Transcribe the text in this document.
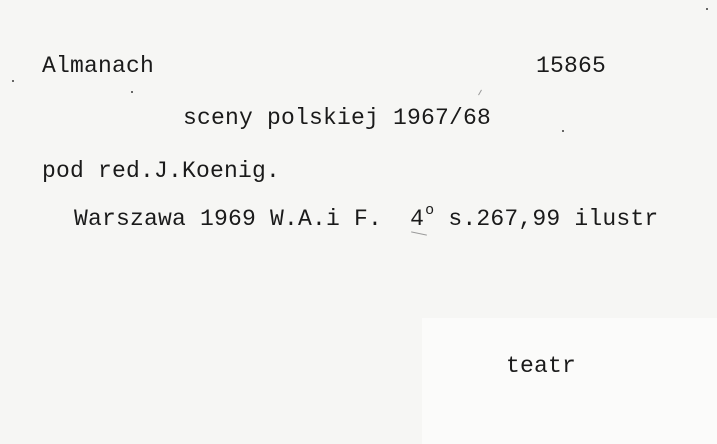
Almanach	15865
sceny polskiej 1967/68
pod red.J.Koenig.
Warszawa 1969 W.A.i F. 4$^o$ s.267,99 ilustr
teatr
